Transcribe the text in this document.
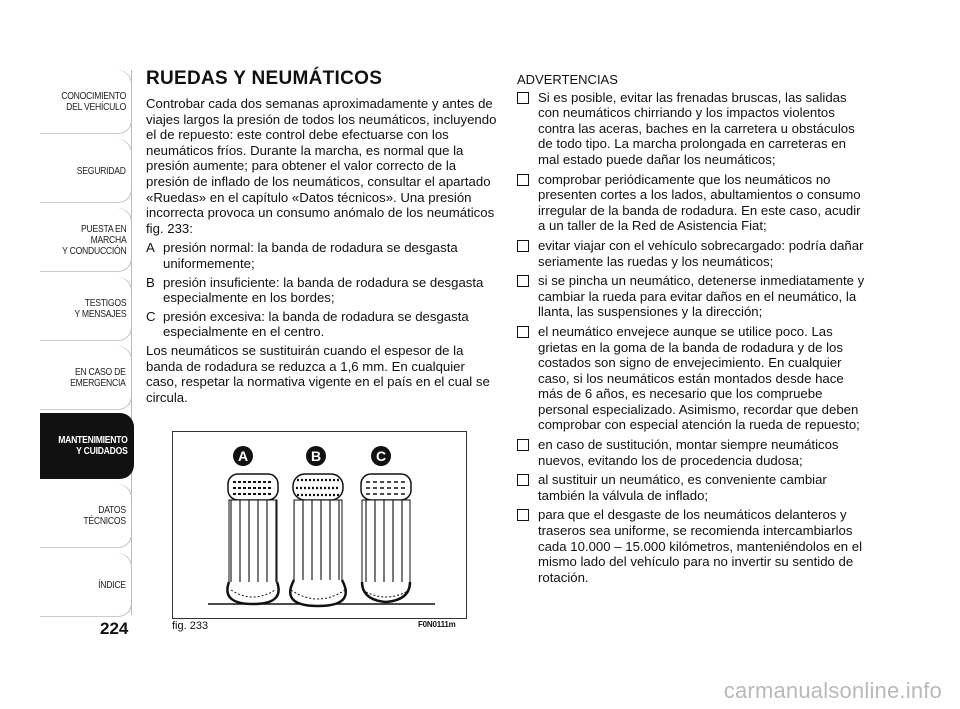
CONOCIMIENTO
DEL VEHÍCULO
SEGURIDAD
PUESTA EN
MARCHA
Y CONDUCCIÓN
TESTIGOS
Y MENSAJES
EN CASO DE
EMERGENCIA
MANTENIMIENTO
Y CUIDADOS
DATOS
TÉCNICOS
ÍNDICE
224
RUEDAS Y NEUMÁTICOS

Controbar cada dos semanas aproximadamente y antes de viajes largos la presión de todos los neumáticos, incluyendo el de repuesto: este control debe efectuarse con los neumáticos fríos. Durante la marcha, es normal que la presión aumente; para obtener el valor correcto de la presión de inflado de los neumáticos, consultar el apartado «Ruedas» en el capítulo «Datos técnicos». Una presión incorrecta provoca un consumo anómalo de los neumáticos fig. 233:

A presión normal: la banda de rodadura se desgasta uniformemente;
B presión insuficiente: la banda de rodadura se desgasta especialmente en los bordes;
C presión excesiva: la banda de rodadura se desgasta especialmente en el centro.

Los neumáticos se sustituirán cuando el espesor de la banda de rodadura se reduzca a 1,6 mm. En cualquier caso, respetar la normativa vigente en el país en el cual se circula.

A	B	C
fig. 233	F0N0111m
ADVERTENCIAS
Si es posible, evitar las frenadas bruscas, las salidas con neumáticos chirriando y los impactos violentos contra las aceras, baches en la carretera u obstáculos de todo tipo. La marcha prolongada en carreteras en mal estado puede dañar los neumáticos;
comprobar periódicamente que los neumáticos no presenten cortes a los lados, abultamientos o consumo irregular de la banda de rodadura. En este caso, acudir a un taller de la Red de Asistencia Fiat;
evitar viajar con el vehículo sobrecargado: podría dañar seriamente las ruedas y los neumáticos;
si se pincha un neumático, detenerse inmediatamente y cambiar la rueda para evitar daños en el neumático, la llanta, las suspensiones y la dirección;
el neumático envejece aunque se utilice poco. Las grietas en la goma de la banda de rodadura y de los costados son signo de envejecimiento. En cualquier caso, si los neumáticos están montados desde hace más de 6 años, es necesario que los compruebe personal especializado. Asimismo, recordar que deben comprobar con especial atención la rueda de repuesto;
en caso de sustitución, montar siempre neumáticos nuevos, evitando los de procedencia dudosa;
al sustituir un neumático, es conveniente cambiar también la válvula de inflado;
para que el desgaste de los neumáticos delanteros y traseros sea uniforme, se recomienda intercambiarlos cada 10.000 – 15.000 kilómetros, manteniéndolos en el mismo lado del vehículo para no invertir su sentido de rotación.
carmanualsonline.info
